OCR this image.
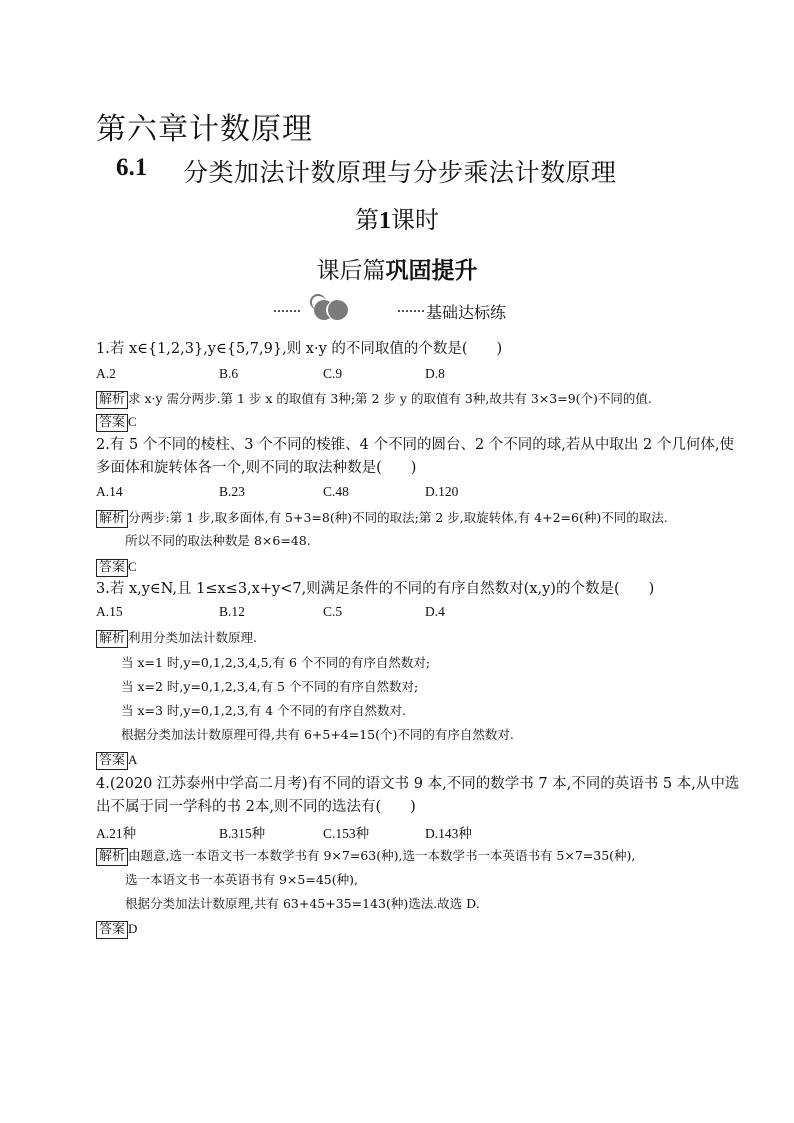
第六章计数原理
6.1 分类加法计数原理与分步乘法计数原理
第1课时
课后篇巩固提升
基础达标练
1.若 x∈{1,2,3},y∈{5,7,9},则 x·y 的不同取值的个数是(　　)
A.2	B.6	C.9	D.8
解析 求 x·y 需分两步.第 1 步 x 的取值有 3种;第 2 步 y 的取值有 3种,故共有 3×3=9(个)不同的值.
答案 C
2.有 5 个不同的棱柱、3 个不同的棱锥、4 个不同的圆台、2 个不同的球,若从中取出 2 个几何体,使
多面体和旋转体各一个,则不同的取法种数是(　　)
A.14	B.23	C.48	D.120
解析 分两步:第 1 步,取多面体,有 5+3=8(种)不同的取法;第 2 步,取旋转体,有 4+2=6(种)不同的取法.
所以不同的取法种数是 8×6=48.
答案 C
3.若 x,y∈N,且 1≤x≤3,x+y<7,则满足条件的不同的有序自然数对(x,y)的个数是(　　)
A.15	B.12	C.5	D.4
解析 利用分类加法计数原理.
当 x=1 时,y=0,1,2,3,4,5,有 6 个不同的有序自然数对;
当 x=2 时,y=0,1,2,3,4,有 5 个不同的有序自然数对;
当 x=3 时,y=0,1,2,3,有 4 个不同的有序自然数对.
根据分类加法计数原理可得,共有 6+5+4=15(个)不同的有序自然数对.
答案 A
4.(2020 江苏泰州中学高二月考)有不同的语文书 9 本,不同的数学书 7 本,不同的英语书 5 本,从中选
出不属于同一学科的书 2本,则不同的选法有(　　)
A.21种	B.315种	C.153种	D.143种
解析 由题意,选一本语文书一本数学书有 9×7=63(种),选一本数学书一本英语书有 5×7=35(种),
选一本语文书一本英语书有 9×5=45(种),
根据分类加法计数原理,共有 63+45+35=143(种)选法.故选 D.
答案 D
